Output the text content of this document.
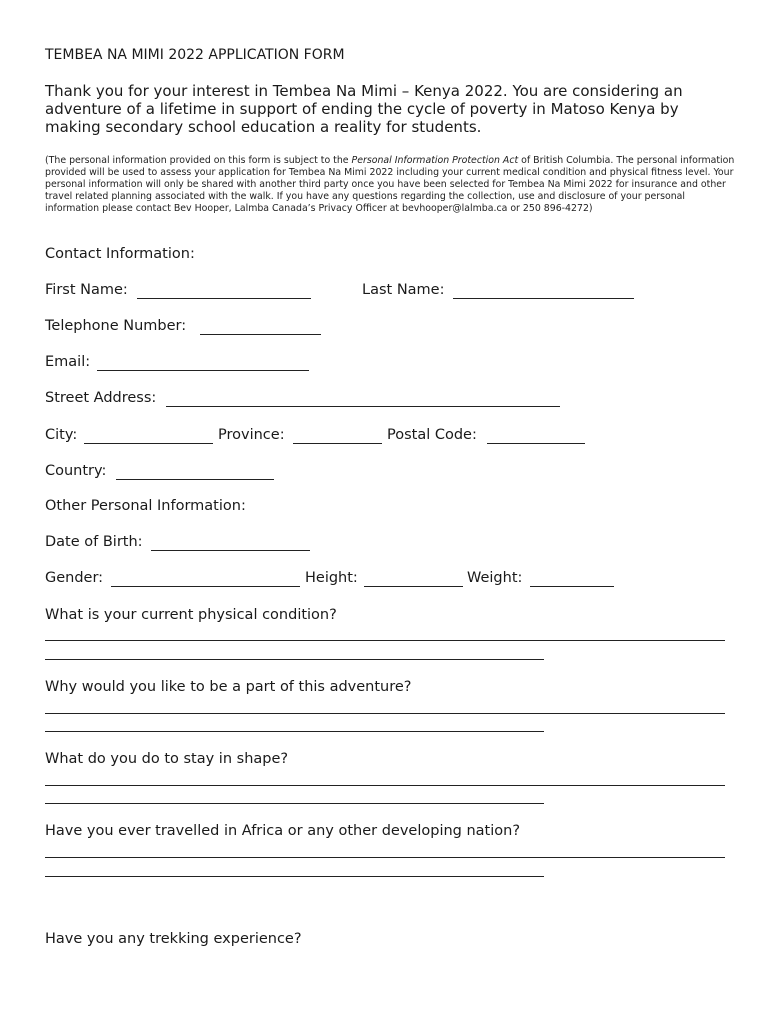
TEMBEA NA MIMI 2022 APPLICATION FORM
Thank you for your interest in Tembea Na Mimi – Kenya 2022. You are considering an adventure of a lifetime in support of ending the cycle of poverty in Matoso Kenya by making secondary school education a reality for students.
(The personal information provided on this form is subject to the Personal Information Protection Act of British Columbia. The personal information provided will be used to assess your application for Tembea Na Mimi 2022 including your current medical condition and physical fitness level. Your personal information will only be shared with another third party once you have been selected for Tembea Na Mimi 2022 for insurance and other travel related planning associated with the walk. If you have any questions regarding the collection, use and disclosure of your personal information please contact Bev Hooper, Lalmba Canada’s Privacy Officer at bevhooper@lalmba.ca or 250 896-4272)
Contact Information:
First Name:	Last Name:
Telephone Number:
Email:
Street Address:
City:	Province:	Postal Code:
Country:
Other Personal Information:
Date of Birth:
Gender:	Height:	Weight:
What is your current physical condition?
Why would you like to be a part of this adventure?
What do you do to stay in shape?
Have you ever travelled in Africa or any other developing nation?
Have you any trekking experience?
